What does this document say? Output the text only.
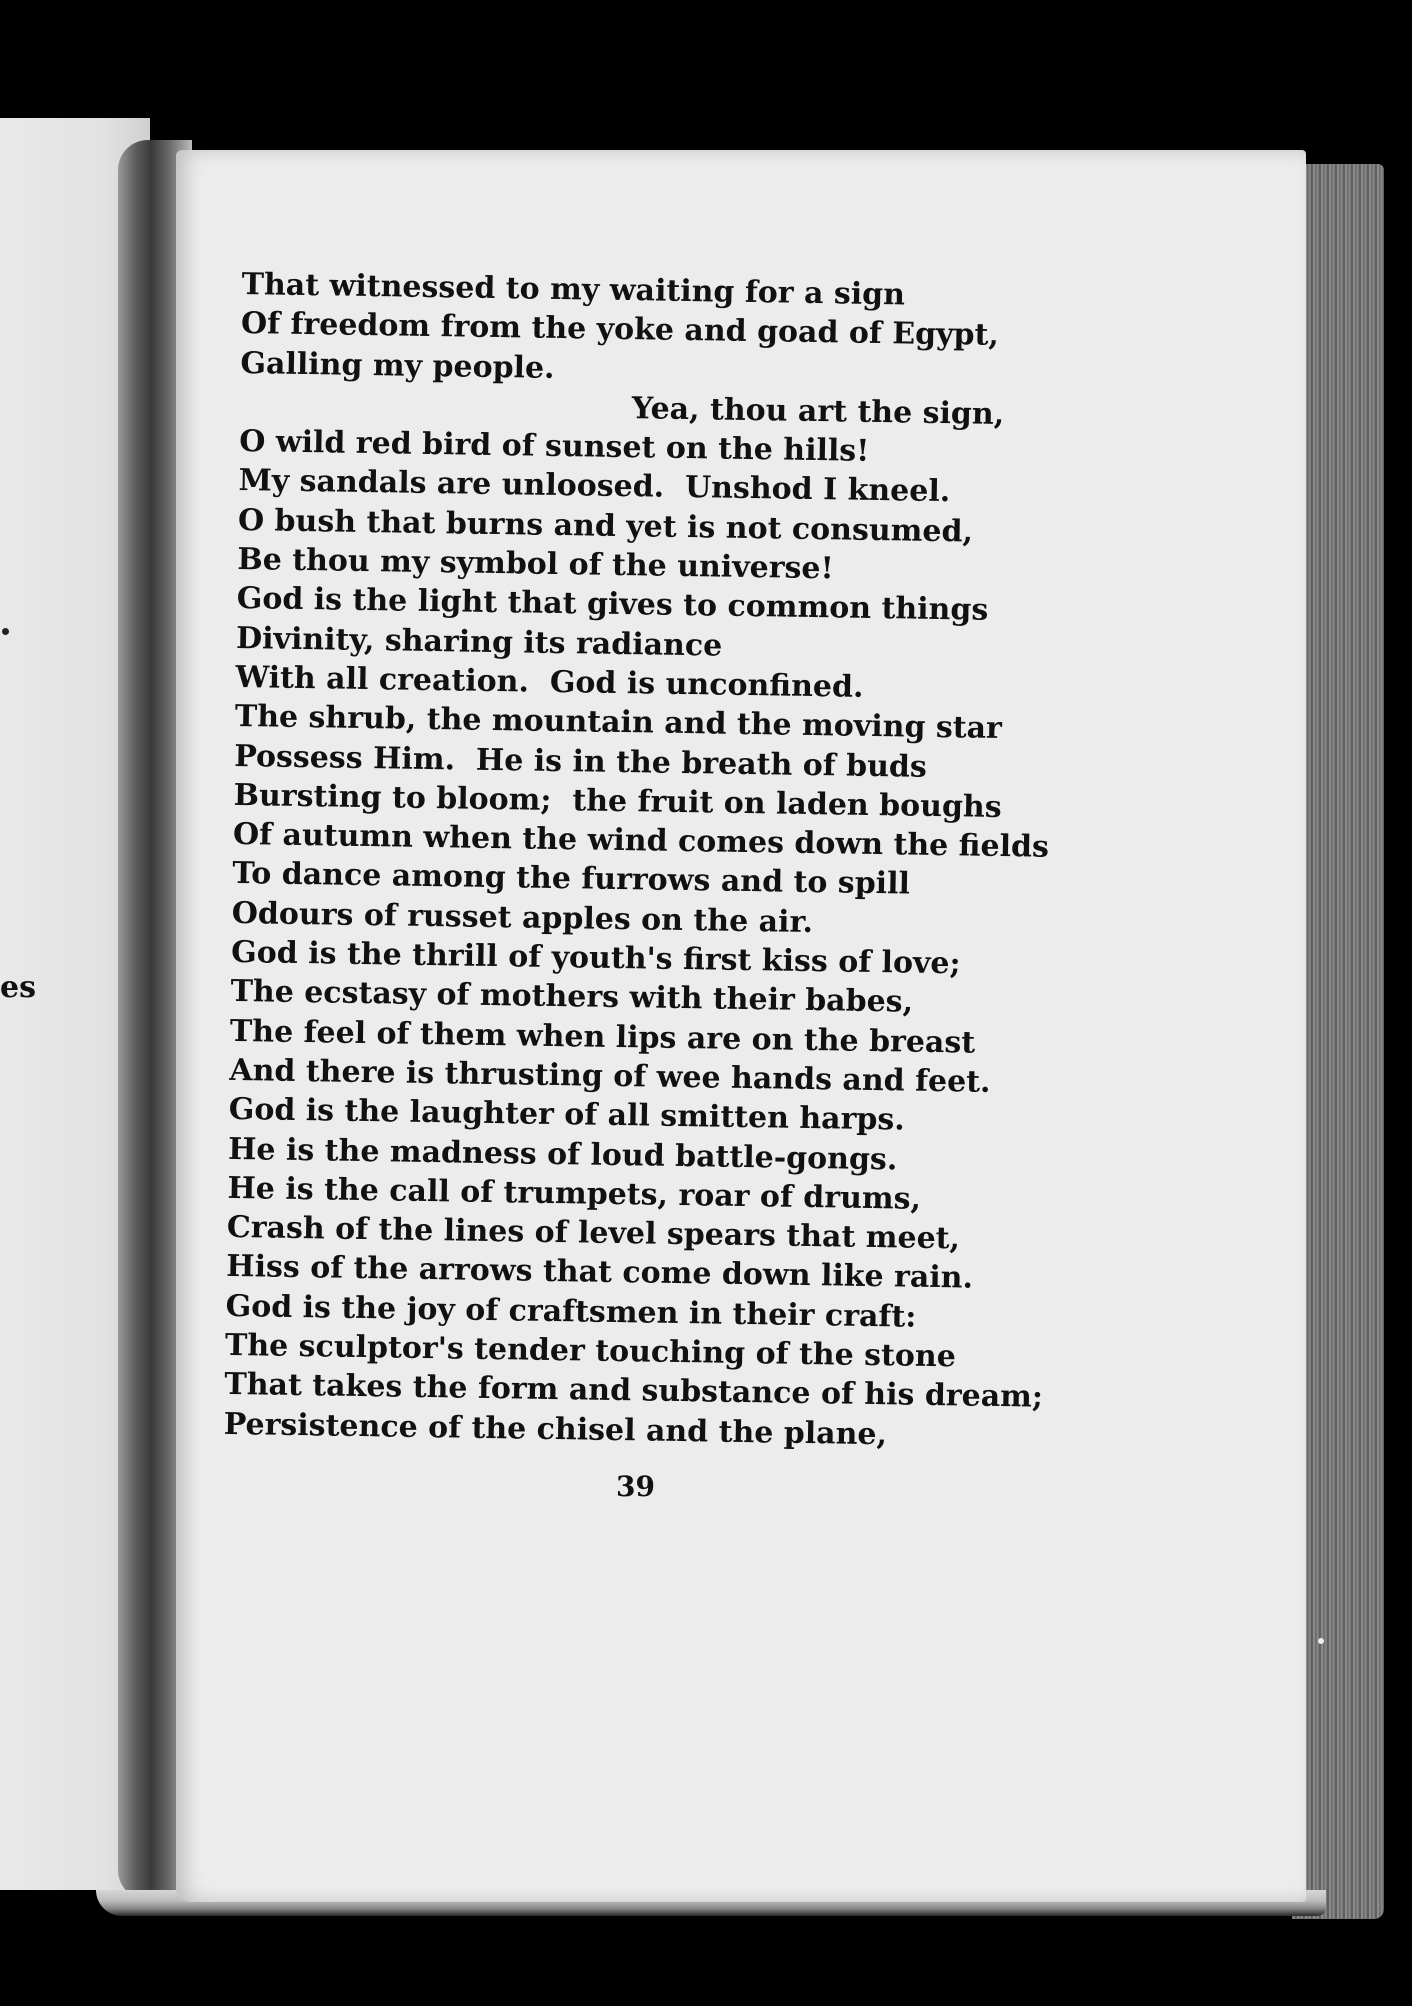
es
That witnessed to my waiting for a sign
Of freedom from the yoke and goad of Egypt,
Galling my people.
Yea, thou art the sign,
O wild red bird of sunset on the hills!
My sandals are unloosed.  Unshod I kneel.
O bush that burns and yet is not consumed,
Be thou my symbol of the universe!
God is the light that gives to common things
Divinity, sharing its radiance
With all creation.  God is unconfined.
The shrub, the mountain and the moving star
Possess Him.  He is in the breath of buds
Bursting to bloom;  the fruit on laden boughs
Of autumn when the wind comes down the fields
To dance among the furrows and to spill
Odours of russet apples on the air.
God is the thrill of youth's first kiss of love;
The ecstasy of mothers with their babes,
The feel of them when lips are on the breast
And there is thrusting of wee hands and feet.
God is the laughter of all smitten harps.
He is the madness of loud battle-gongs.
He is the call of trumpets, roar of drums,
Crash of the lines of level spears that meet,
Hiss of the arrows that come down like rain.
God is the joy of craftsmen in their craft:
The sculptor's tender touching of the stone
That takes the form and substance of his dream;
Persistence of the chisel and the plane,
39
